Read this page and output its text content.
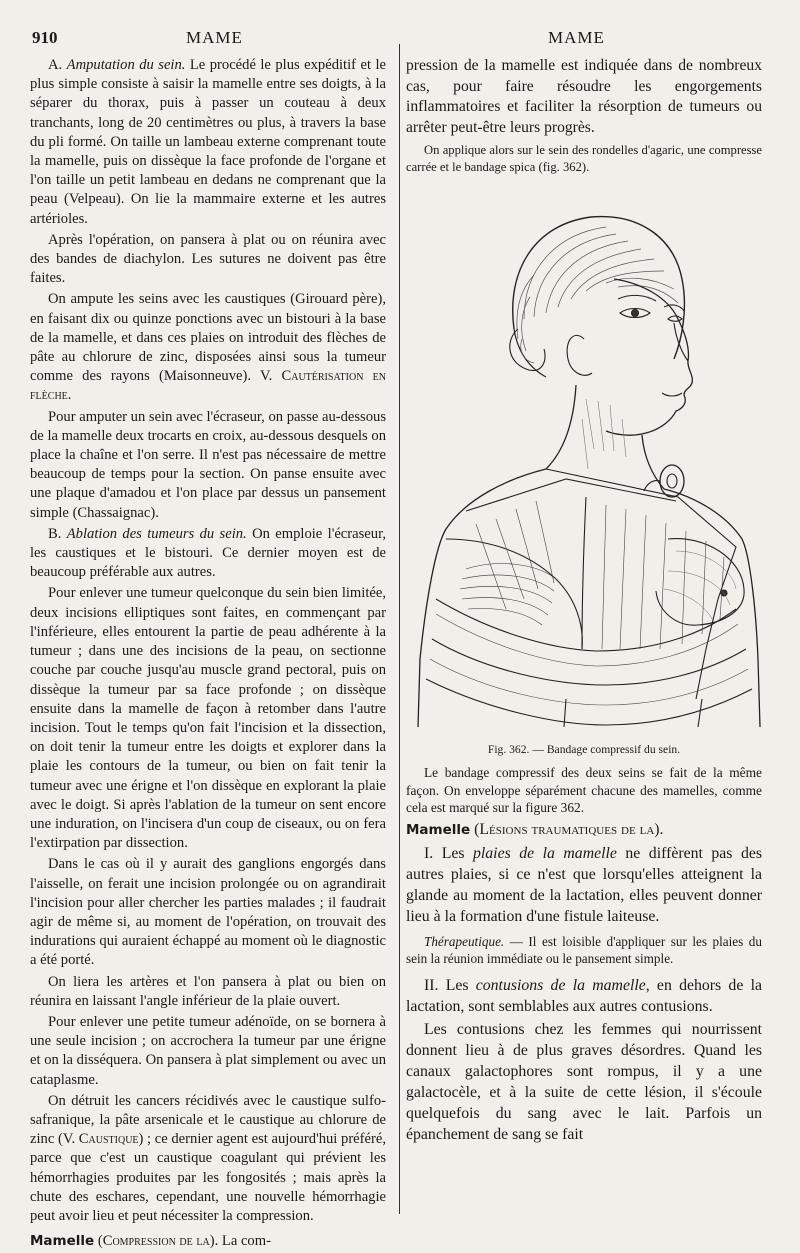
910	MAME	MAME

A. Amputation du sein. Le procédé le plus expéditif et le plus simple consiste à saisir la mamelle entre ses doigts, à la séparer du thorax, puis à passer un couteau à deux tranchants, long de 20 centimètres ou plus, à travers la base du pli formé. On taille un lambeau externe comprenant toute la mamelle, puis on dissèque la face profonde de l'organe et l'on taille un petit lambeau en dedans ne comprenant que la peau (Velpeau). On lie la mammaire externe et les autres artérioles.

Après l'opération, on pansera à plat ou on réunira avec des bandes de diachylon. Les sutures ne doivent pas être faites.

On ampute les seins avec les caustiques (Girouard père), en faisant dix ou quinze ponctions avec un bistouri à la base de la mamelle, et dans ces plaies on introduit des flèches de pâte au chlorure de zinc, disposées ainsi sous la tumeur comme des rayons (Maisonneuve). V. Cautérisation en flèche.

Pour amputer un sein avec l'écraseur, on passe au-dessous de la mamelle deux trocarts en croix, au-dessous desquels on place la chaîne et l'on serre. Il n'est pas nécessaire de mettre beaucoup de temps pour la section. On panse ensuite avec une plaque d'amadou et l'on place par dessus un pansement simple (Chassaignac).

B. Ablation des tumeurs du sein. On emploie l'écraseur, les caustiques et le bistouri. Ce dernier moyen est de beaucoup préférable aux autres.

Pour enlever une tumeur quelconque du sein bien limitée, deux incisions elliptiques sont faites, en commençant par l'inférieure, elles entourent la partie de peau adhérente à la tumeur ; dans une des incisions de la peau, on sectionne couche par couche jusqu'au muscle grand pectoral, puis on dissèque la tumeur par sa face profonde ; on dissèque ensuite dans la mamelle de façon à retomber dans l'autre incision. Tout le temps qu'on fait l'incision et la dissection, on doit tenir la tumeur entre les doigts et explorer dans la plaie les contours de la tumeur, ou bien on fait tenir la tumeur avec une érigne et l'on dissèque en explorant la plaie avec le doigt. Si après l'ablation de la tumeur on sent encore une induration, on l'incisera d'un coup de ciseaux, ou on fera l'extirpation par dissection.

Dans le cas où il y aurait des ganglions engorgés dans l'aisselle, on ferait une incision prolongée ou on agrandirait l'incision pour aller chercher les parties malades ; il faudrait agir de même si, au moment de l'opération, on trouvait des indurations qui auraient échappé au moment où le diagnostic a été porté.

On liera les artères et l'on pansera à plat ou bien on réunira en laissant l'angle inférieur de la plaie ouvert.

Pour enlever une petite tumeur adénoïde, on se bornera à une seule incision ; on accrochera la tumeur par une érigne et on la disséquera. On pansera à plat simplement ou avec un cataplasme.

On détruit les cancers récidivés avec le caustique sulfo-safranique, la pâte arsenicale et le caustique au chlorure de zinc (V. Caustique) ; ce dernier agent est aujourd'hui préféré, parce que c'est un caustique coagulant qui prévient les hémorrhagies produites par les fongosités ; mais après la chute des eschares, cependant, une nouvelle hémorrhagie peut avoir lieu et peut nécessiter la compression.

Mamelle (Compression de la). La com-

pression de la mamelle est indiquée dans de nombreux cas, pour faire résoudre les engorgements inflammatoires et faciliter la résorption de tumeurs ou arrêter peut-être leurs progrès.

On applique alors sur le sein des rondelles d'agaric, une compresse carrée et le bandage spica (fig. 362).

Fig. 362. — Bandage compressif du sein.

Le bandage compressif des deux seins se fait de la même façon. On enveloppe séparément chacune des mamelles, comme cela est marqué sur la figure 362.

Mamelle (Lésions traumatiques de la).

I. Les plaies de la mamelle ne diffèrent pas des autres plaies, si ce n'est que lorsqu'elles atteignent la glande au moment de la lactation, elles peuvent donner lieu à la formation d'une fistule laiteuse.

Thérapeutique. — Il est loisible d'appliquer sur les plaies du sein la réunion immédiate ou le pansement simple.

II. Les contusions de la mamelle, en dehors de la lactation, sont semblables aux autres contusions.

Les contusions chez les femmes qui nourrissent donnent lieu à de plus graves désordres. Quand les canaux galactophores sont rompus, il y a une galactocèle, et à la suite de cette lésion, il s'écoule quelquefois du sang avec le lait. Parfois un épanchement de sang se fait
